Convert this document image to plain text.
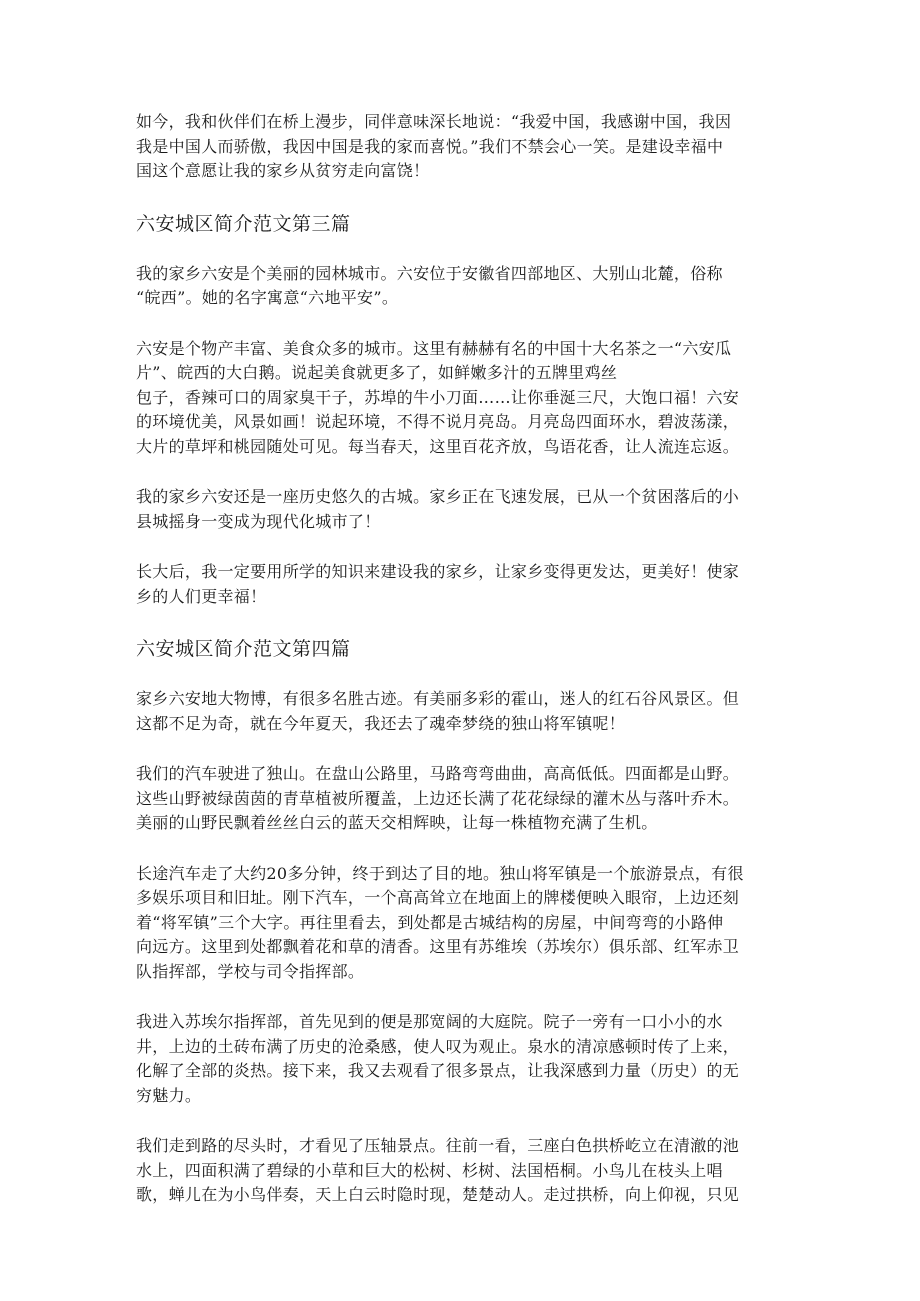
如今，我和伙伴们在桥上漫步，同伴意味深长地说：“我爱中国，我感谢中国，我因
我是中国人而骄傲，我因中国是我的家而喜悦。”我们不禁会心一笑。是建设幸福中
国这个意愿让我的家乡从贫穷走向富饶！

六安城区简介范文第三篇

我的家乡六安是个美丽的园林城市。六安位于安徽省四部地区、大别山北麓，俗称
“皖西”。她的名字寓意“六地平安”。

六安是个物产丰富、美食众多的城市。这里有赫赫有名的中国十大名茶之一“六安瓜
片”、皖西的大白鹅。说起美食就更多了，如鲜嫩多汁的五牌里鸡丝
包子，香辣可口的周家臭干子，苏埠的牛小刀面……让你垂涎三尺，大饱口福！六安
的环境优美，风景如画！说起环境，不得不说月亮岛。月亮岛四面环水，碧波荡漾，
大片的草坪和桃园随处可见。每当春天，这里百花齐放，鸟语花香，让人流连忘返。

我的家乡六安还是一座历史悠久的古城。家乡正在飞速发展，已从一个贫困落后的小
县城摇身一变成为现代化城市了！

长大后，我一定要用所学的知识来建设我的家乡，让家乡变得更发达，更美好！使家
乡的人们更幸福！

六安城区简介范文第四篇

家乡六安地大物博，有很多名胜古迹。有美丽多彩的霍山，迷人的红石谷风景区。但
这都不足为奇，就在今年夏天，我还去了魂牵梦绕的独山将军镇呢！

我们的汽车驶进了独山。在盘山公路里，马路弯弯曲曲，高高低低。四面都是山野。
这些山野被绿茵茵的青草植被所覆盖，上边还长满了花花绿绿的灌木丛与落叶乔木。
美丽的山野民飘着丝丝白云的蓝天交相辉映，让每一株植物充满了生机。

长途汽车走了大约20多分钟，终于到达了目的地。独山将军镇是一个旅游景点，有很
多娱乐项目和旧址。刚下汽车，一个高高耸立在地面上的牌楼便映入眼帘，上边还刻
着“将军镇”三个大字。再往里看去，到处都是古城结构的房屋，中间弯弯的小路伸
向远方。这里到处都飘着花和草的清香。这里有苏维埃（苏埃尔）俱乐部、红军赤卫
队指挥部，学校与司令指挥部。

我进入苏埃尔指挥部，首先见到的便是那宽阔的大庭院。院子一旁有一口小小的水
井，上边的土砖布满了历史的沧桑感，使人叹为观止。泉水的清凉感顿时传了上来，
化解了全部的炎热。接下来，我又去观看了很多景点，让我深感到力量（历史）的无
穷魅力。

我们走到路的尽头时，才看见了压轴景点。往前一看，三座白色拱桥屹立在清澈的池
水上，四面积满了碧绿的小草和巨大的松树、杉树、法国梧桐。小鸟儿在枝头上唱
歌，蝉儿在为小鸟伴奏，天上白云时隐时现，楚楚动人。走过拱桥，向上仰视，只见
